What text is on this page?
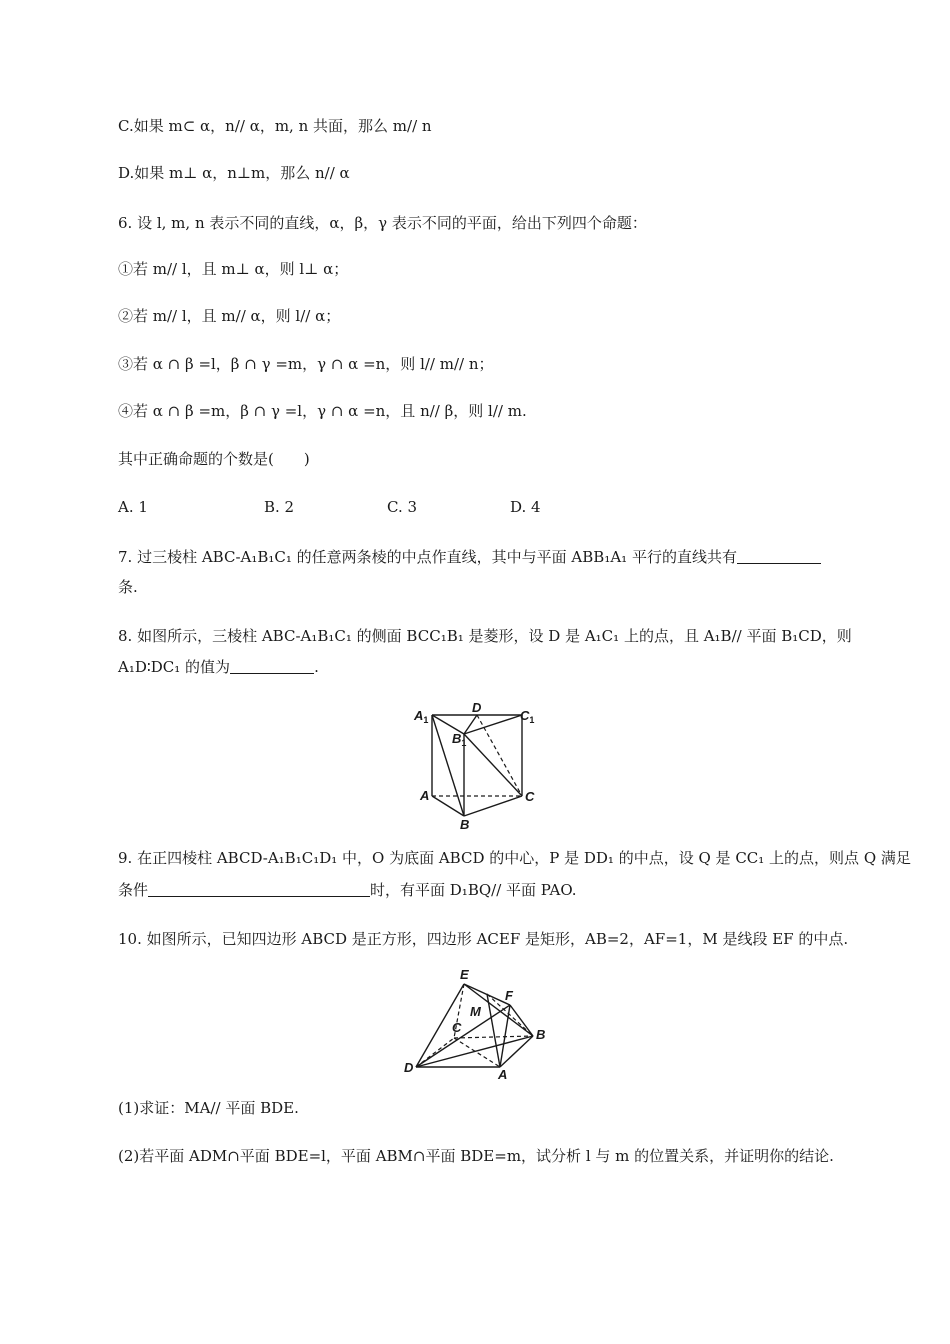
C.如果 m⊂ α，n// α，m, n 共面，那么 m// n
D.如果 m⊥ α，n⊥m，那么 n// α
6. 设 l, m, n 表示不同的直线，α，β，γ 表示不同的平面，给出下列四个命题：
①若 m// l，且 m⊥ α，则 l⊥ α；
②若 m// l，且 m// α，则 l// α；
③若 α ∩ β =l，β ∩ γ =m，γ ∩ α =n，则 l// m// n；
④若 α ∩ β =m，β ∩ γ =l，γ ∩ α =n，且 n// β，则 l// m.
其中正确命题的个数是(　　)
A. 1	B. 2	C. 3	D. 4
7. 过三棱柱 ABC-A₁B₁C₁ 的任意两条棱的中点作直线，其中与平面 ABB₁A₁ 平行的直线共有
条.
8. 如图所示，三棱柱 ABC-A₁B₁C₁ 的侧面 BCC₁B₁ 是菱形，设 D 是 A₁C₁ 上的点，且 A₁B// 平面 B₁CD，则
A₁D∶DC₁ 的值为	.
$A_1$
D
$C_1$
$B_1$
A	C
B
9. 在正四棱柱 ABCD-A₁B₁C₁D₁ 中，O 为底面 ABCD 的中心，P 是 DD₁ 的中点，设 Q 是 CC₁ 上的点，则点 Q 满足
条件	时，有平面 D₁BQ// 平面 PAO.
10. 如图所示，已知四边形 ABCD 是正方形，四边形 ACEF 是矩形，AB=2，AF=1，M 是线段 EF 的中点.
E
M
F
C	B
D	A
(1)求证：MA// 平面 BDE.
(2)若平面 ADM∩平面 BDE=l，平面 ABM∩平面 BDE=m，试分析 l 与 m 的位置关系，并证明你的结论.
